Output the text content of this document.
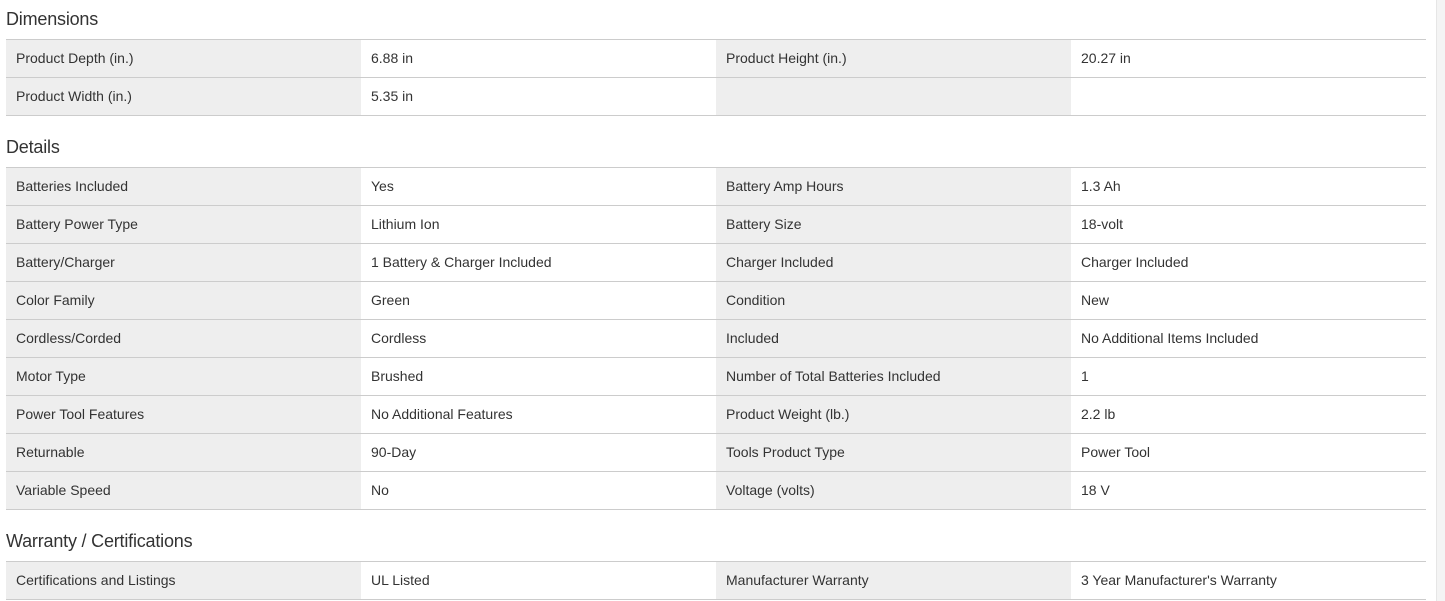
Dimensions
Product Depth (in.)	6.88 in	Product Height (in.)	20.27 in
Product Width (in.)	5.35 in
Details
Batteries Included	Yes	Battery Amp Hours	1.3 Ah
Battery Power Type	Lithium Ion	Battery Size	18-volt
Battery/Charger	1 Battery & Charger Included	Charger Included	Charger Included
Color Family	Green	Condition	New
Cordless/Corded	Cordless	Included	No Additional Items Included
Motor Type	Brushed	Number of Total Batteries Included	1
Power Tool Features	No Additional Features	Product Weight (lb.)	2.2 lb
Returnable	90-Day	Tools Product Type	Power Tool
Variable Speed	No	Voltage (volts)	18 V
Warranty / Certifications
Certifications and Listings	UL Listed	Manufacturer Warranty	3 Year Manufacturer's Warranty
